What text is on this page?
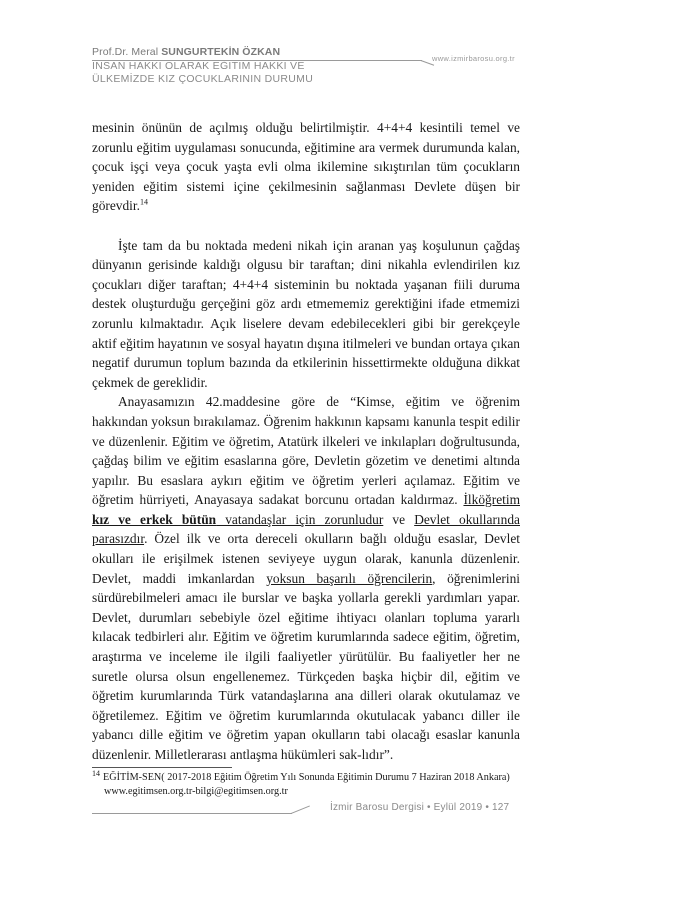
Prof.Dr. Meral SUNGURTEKİN ÖZKAN
İNSAN HAKKI OLARAK EĞİTİM HAKKI VE
ÜLKEMİZDE KIZ ÇOCUKLARININ DURUMU
www.izmirbarosu.org.tr

mesinin önünün de açılmış olduğu belirtilmiştir. 4+4+4 kesintili temel ve zorunlu eğitim uygulaması sonucunda, eğitimine ara vermek durumunda kalan, çocuk işçi veya çocuk yaşta evli olma ikilemine sıkıştırılan tüm çocukların yeniden eğitim sistemi içine çekilmesinin sağlanması Devlete düşen bir görevdir.$^{14}$

İşte tam da bu noktada medeni nikah için aranan yaş koşulunun çağdaş dünyanın gerisinde kaldığı olgusu bir taraftan; dini nikahla evlendirilen kız çocukları diğer taraftan; 4+4+4 sisteminin bu noktada yaşanan fiili duruma destek oluşturduğu gerçeğini göz ardı etmememiz gerektiğini ifade etmemizi zorunlu kılmaktadır. Açık liselere devam edebilecekleri gibi bir gerekçeyle aktif eğitim hayatının ve sosyal hayatın dışına itilmeleri ve bundan ortaya çıkan negatif durumun toplum bazında da etkilerinin hissettirmekte olduğuna dikkat çekmek de gereklidir.

Anayasamızın 42.maddesine göre de “Kimse, eğitim ve öğrenim hakkından yoksun bırakılamaz. Öğrenim hakkının kapsamı kanunla tespit edilir ve düzenlenir. Eğitim ve öğretim, Atatürk ilkeleri ve inkılapları doğrultusunda, çağdaş bilim ve eğitim esaslarına göre, Devletin gözetim ve denetimi altında yapılır. Bu esaslara aykırı eğitim ve öğretim yerleri açılamaz. Eğitim ve öğretim hürriyeti, Anayasaya sadakat borcunu ortadan kaldırmaz. İlköğretim kız ve erkek bütün vatandaşlar için zorunludur ve Devlet okullarında parasızdır. Özel ilk ve orta dereceli okulların bağlı olduğu esaslar, Devlet okulları ile erişilmek istenen seviyeye uygun olarak, kanunla düzenlenir. Devlet, maddi imkanlardan yoksun başarılı öğrencilerin, öğrenimlerini sürdürebilmeleri amacı ile burslar ve başka yollarla gerekli yardımları yapar. Devlet, durumları sebebiyle özel eğitime ihtiyacı olanları topluma yararlı kılacak tedbirleri alır. Eğitim ve öğretim kurumlarında sadece eğitim, öğretim, araştırma ve inceleme ile ilgili faaliyetler yürütülür. Bu faaliyetler her ne suretle olursa olsun engellenemez. Türkçeden başka hiçbir dil, eğitim ve öğretim kurumlarında Türk vatandaşlarına ana dilleri olarak okutulamaz ve öğretilemez. Eğitim ve öğretim kurumlarında okutulacak yabancı diller ile yabancı dille eğitim ve öğretim yapan okulların tabi olacağı esaslar kanunla düzenlenir. Milletlerarası antlaşma hükümleri sak-lıdır”.

$^{14}$ EĞİTİM-SEN( 2017-2018 Eğitim Öğretim Yılı Sonunda Eğitimin Durumu 7 Haziran 2018 Ankara)
www.egitimsen.org.tr-bilgi@egitimsen.org.tr
İzmir Barosu Dergisi • Eylül 2019 • 127
